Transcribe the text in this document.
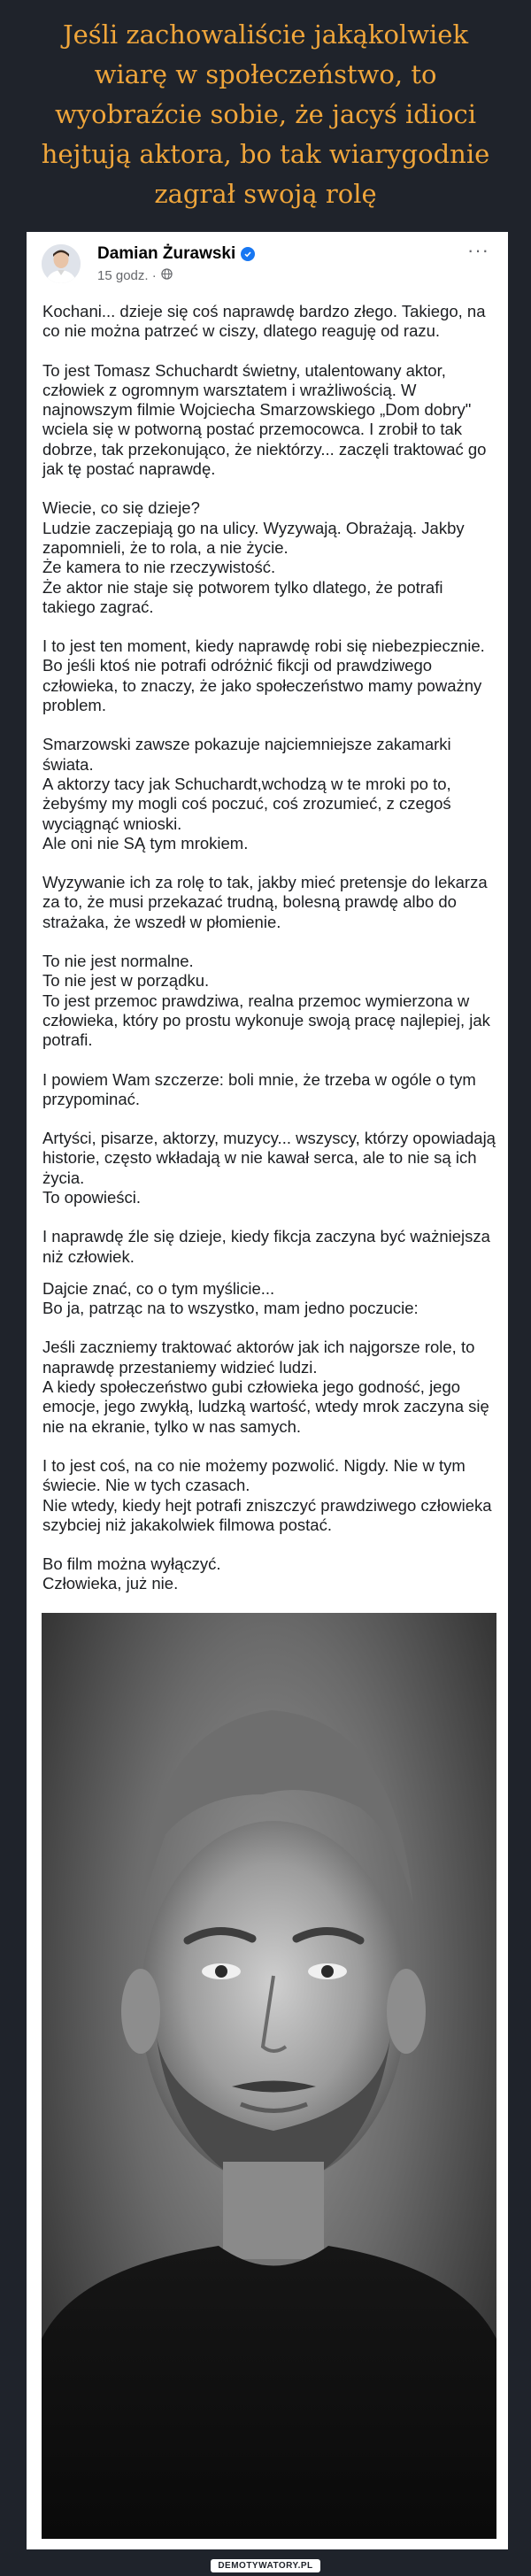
Jeśli zachowaliście jakąkolwiek wiarę w społeczeństwo, to wyobraźcie sobie, że jacyś idioci hejtują aktora, bo tak wiarygodnie zagrał swoją rolę
Damian Żurawski
15 godz. ·
···

Kochani... dzieje się coś naprawdę bardzo złego. Takiego, na co nie można patrzeć w ciszy, dlatego reaguję od razu.

To jest Tomasz Schuchardt świetny, utalentowany aktor, człowiek z ogromnym warsztatem i wrażliwością. W najnowszym filmie Wojciecha Smarzowskiego „Dom dobry" wciela się w potworną postać przemocowca. I zrobił to tak dobrze, tak przekonująco, że niektórzy... zaczęli traktować go jak tę postać naprawdę.

Wiecie, co się dzieje?
Ludzie zaczepiają go na ulicy. Wyzywają. Obrażają. Jakby zapomnieli, że to rola, a nie życie.
Że kamera to nie rzeczywistość.
Że aktor nie staje się potworem tylko dlatego, że potrafi takiego zagrać.

I to jest ten moment, kiedy naprawdę robi się niebezpiecznie.
Bo jeśli ktoś nie potrafi odróżnić fikcji od prawdziwego człowieka, to znaczy, że jako społeczeństwo mamy poważny problem.

Smarzowski zawsze pokazuje najciemniejsze zakamarki świata.
A aktorzy tacy jak Schuchardt,wchodzą w te mroki po to, żebyśmy my mogli coś poczuć, coś zrozumieć, z czegoś wyciągnąć wnioski.
Ale oni nie SĄ tym mrokiem.

Wyzywanie ich za rolę to tak, jakby mieć pretensje do lekarza za to, że musi przekazać trudną, bolesną prawdę albo do strażaka, że wszedł w płomienie.

To nie jest normalne.
To nie jest w porządku.
To jest przemoc prawdziwa, realna przemoc wymierzona w człowieka, który po prostu wykonuje swoją pracę najlepiej, jak potrafi.

I powiem Wam szczerze: boli mnie, że trzeba w ogóle o tym przypominać.

Artyści, pisarze, aktorzy, muzycy... wszyscy, którzy opowiadają historie, często wkładają w nie kawał serca, ale to nie są ich życia.
To opowieści.

I naprawdę źle się dzieje, kiedy fikcja zaczyna być ważniejsza niż człowiek.

Dajcie znać, co o tym myślicie...
Bo ja, patrząc na to wszystko, mam jedno poczucie:

Jeśli zaczniemy traktować aktorów jak ich najgorsze role, to naprawdę przestaniemy widzieć ludzi.
A kiedy społeczeństwo gubi człowieka jego godność, jego emocje, jego zwykłą, ludzką wartość, wtedy mrok zaczyna się nie na ekranie, tylko w nas samych.

I to jest coś, na co nie możemy pozwolić. Nigdy. Nie w tym świecie. Nie w tych czasach.
Nie wtedy, kiedy hejt potrafi zniszczyć prawdziwego człowieka szybciej niż jakakolwiek filmowa postać.

Bo film można wyłączyć.
Człowieka, już nie.

DEMOTYWATORY.PL
